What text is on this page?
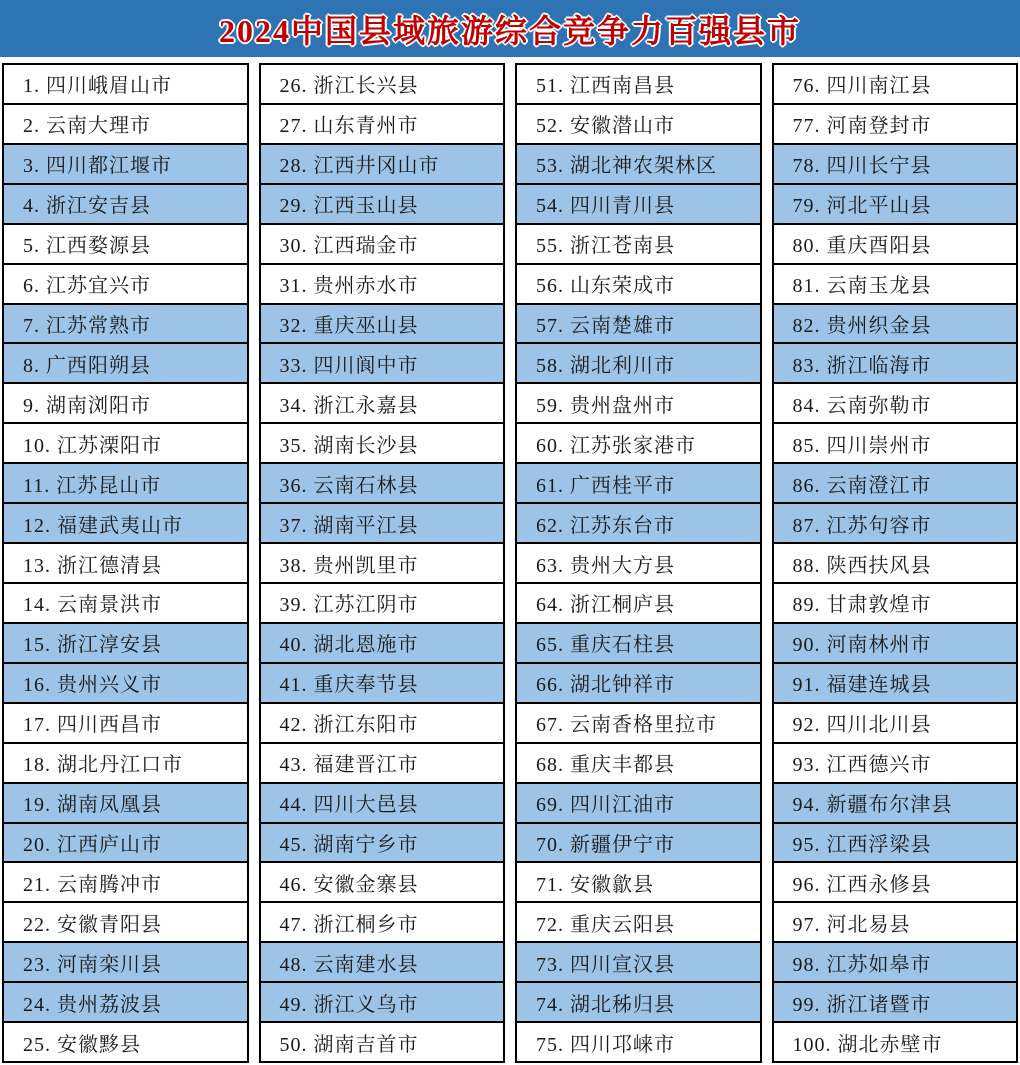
2024中国县域旅游综合竞争力百强县市
1. 四川峨眉山市
2. 云南大理市
3. 四川都江堰市
4. 浙江安吉县
5. 江西婺源县
6. 江苏宜兴市
7. 江苏常熟市
8. 广西阳朔县
9. 湖南浏阳市
10. 江苏溧阳市
11. 江苏昆山市
12. 福建武夷山市
13. 浙江德清县
14. 云南景洪市
15. 浙江淳安县
16. 贵州兴义市
17. 四川西昌市
18. 湖北丹江口市
19. 湖南凤凰县
20. 江西庐山市
21. 云南腾冲市
22. 安徽青阳县
23. 河南栾川县
24. 贵州荔波县
25. 安徽黟县
26. 浙江长兴县
27. 山东青州市
28. 江西井冈山市
29. 江西玉山县
30. 江西瑞金市
31. 贵州赤水市
32. 重庆巫山县
33. 四川阆中市
34. 浙江永嘉县
35. 湖南长沙县
36. 云南石林县
37. 湖南平江县
38. 贵州凯里市
39. 江苏江阴市
40. 湖北恩施市
41. 重庆奉节县
42. 浙江东阳市
43. 福建晋江市
44. 四川大邑县
45. 湖南宁乡市
46. 安徽金寨县
47. 浙江桐乡市
48. 云南建水县
49. 浙江义乌市
50. 湖南吉首市
51. 江西南昌县
52. 安徽潜山市
53. 湖北神农架林区
54. 四川青川县
55. 浙江苍南县
56. 山东荣成市
57. 云南楚雄市
58. 湖北利川市
59. 贵州盘州市
60. 江苏张家港市
61. 广西桂平市
62. 江苏东台市
63. 贵州大方县
64. 浙江桐庐县
65. 重庆石柱县
66. 湖北钟祥市
67. 云南香格里拉市
68. 重庆丰都县
69. 四川江油市
70. 新疆伊宁市
71. 安徽歙县
72. 重庆云阳县
73. 四川宣汉县
74. 湖北秭归县
75. 四川邛崃市
76. 四川南江县
77. 河南登封市
78. 四川长宁县
79. 河北平山县
80. 重庆酉阳县
81. 云南玉龙县
82. 贵州织金县
83. 浙江临海市
84. 云南弥勒市
85. 四川崇州市
86. 云南澄江市
87. 江苏句容市
88. 陕西扶风县
89. 甘肃敦煌市
90. 河南林州市
91. 福建连城县
92. 四川北川县
93. 江西德兴市
94. 新疆布尔津县
95. 江西浮梁县
96. 江西永修县
97. 河北易县
98. 江苏如皋市
99. 浙江诸暨市
100. 湖北赤壁市
